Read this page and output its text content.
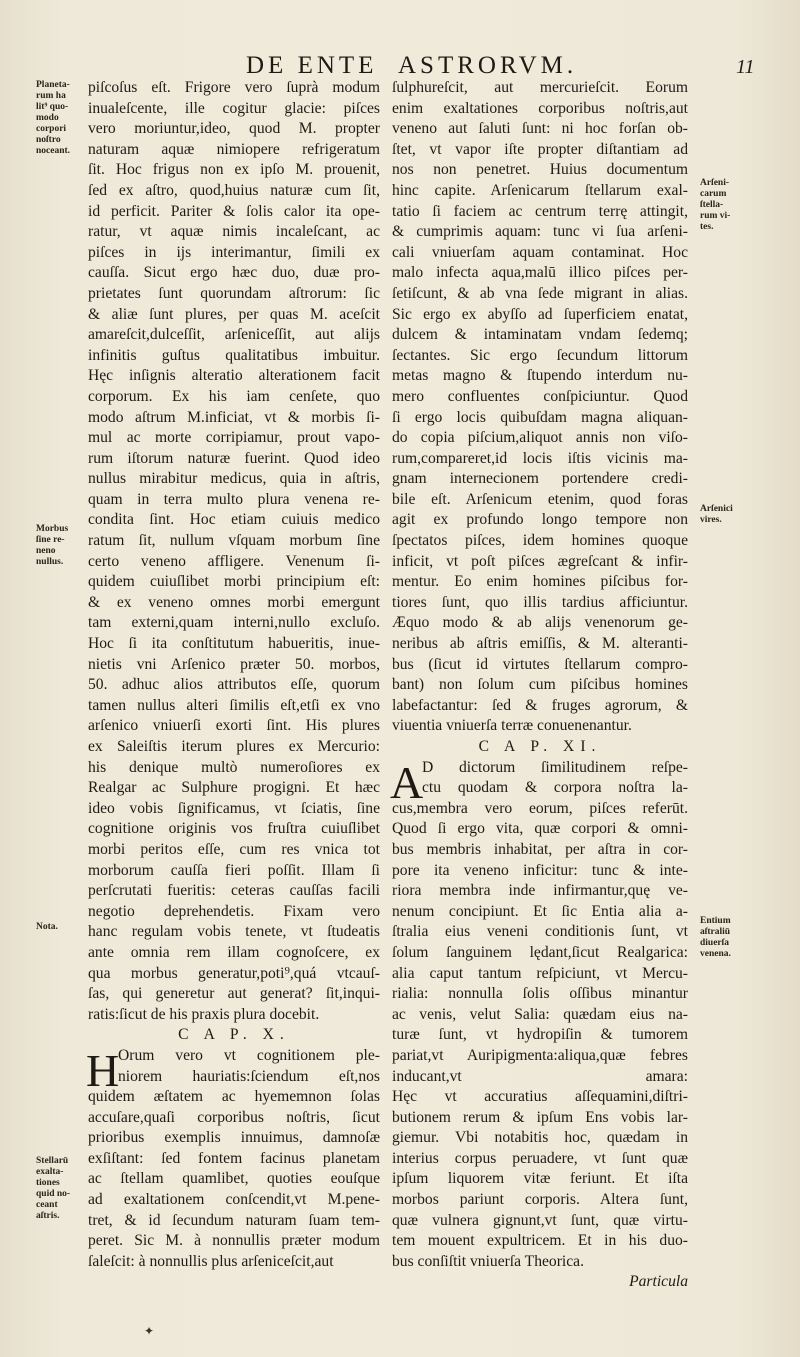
DE ENTE ASTRORVM.	11
Planeta-
rum ha
lit⁹ quo-
modo
corpori
noſtro
noceant.
Morbus
ſine re-
neno
nullus.
Nota.
Stellarū
exalta-
tiones
quid no-
ceant
aſtris.
Arſeni-
carum
ſtella-
rum vi-
tes.
Arſenici
vires.
Entium
aſtraliū
diuerſa
venena.
piſcoſus eſt. Frigore vero ſuprà modum
inualeſcente, ille cogitur glacie: piſces
vero moriuntur,ideo, quod M. propter
naturam aquæ nimiopere refrigeratum
ſit. Hoc frigus non ex ipſo M. prouenit,
ſed ex aſtro, quod,huius naturæ cum ſit,
id perficit. Pariter & ſolis calor ita ope-
ratur, vt aquæ nimis incaleſcant, ac
piſces in ijs interimantur, ſimili ex
cauſſa. Sicut ergo hæc duo, duæ pro-
prietates ſunt quorundam aſtrorum: ſic
& aliæ ſunt plures, per quas M. aceſcit
amareſcit,dulceſſit, arſeniceſſit, aut alijs
infinitis guſtus qualitatibus imbuitur.
Hęc inſignis alteratio alterationem facit
corporum. Ex his iam cenſete, quo
modo aſtrum M.inficiat, vt & morbis ſi-
mul ac morte corripiamur, prout vapo-
rum iſtorum naturæ fuerint. Quod ideo
nullus mirabitur medicus, quia in aſtris,
quam in terra multo plura venena re-
condita ſint. Hoc etiam cuiuis medico
ratum ſit, nullum vſquam morbum ſine
certo veneno affligere. Venenum ſi-
quidem cuiuſlibet morbi principium eſt:
& ex veneno omnes morbi emergunt
tam externi,quam interni,nullo excluſo.
Hoc ſi ita conſtitutum habueritis, inue-
nietis vni Arſenico præter 50. morbos,
50. adhuc alios attributos eſſe, quorum
tamen nullus alteri ſimilis eſt,etſi ex vno
arſenico vniuerſi exorti ſint. His plures
ex Saleiſtis iterum plures ex Mercurio:
his denique multò numeroſiores ex
Realgar ac Sulphure progigni. Et hæc
ideo vobis ſignificamus, vt ſciatis, ſine
cognitione originis vos fruſtra cuiuſlibet
morbi peritos eſſe, cum res vnica tot
morborum cauſſa fieri poſſit. Illam ſi
perſcrutati fueritis: ceteras cauſſas facili
negotio deprehendetis. Fixam vero
hanc regulam vobis tenete, vt ſtudeatis
ante omnia rem illam cognoſcere, ex
qua morbus generatur,poti⁹,quá vtcauſ-
ſas, qui generetur aut generat? ſit,inqui-
ratis:ſicut de his praxis plura docebit.
C A P. X.
H
Orum vero vt cognitionem ple-
niorem hauriatis:ſciendum eſt,nos
quidem æſtatem ac hyememnon ſolas
accuſare,quaſi corporibus noſtris, ſicut
prioribus exemplis innuimus, damnoſæ
exſiſtant: ſed fontem facinus planetam
ac ſtellam quamlibet, quoties eouſque
ad exaltationem conſcendit,vt M.pene-
tret, & id ſecundum naturam ſuam tem-
peret. Sic M. à nonnullis præter modum
ſaleſcit: à nonnullis plus arſeniceſcit,aut
ſulphureſcit, aut mercurieſcit. Eorum
enim exaltationes corporibus noſtris,aut
veneno aut ſaluti ſunt: ni hoc forſan ob-
ſtet, vt vapor iſte propter diſtantiam ad
nos non penetret. Huius documentum
hinc capite. Arſenicarum ſtellarum exal-
tatio ſi faciem ac centrum terrę attingit,
& cumprimis aquam: tunc vi ſua arſeni-
cali vniuerſam aquam contaminat. Hoc
malo infecta aqua,malū illico piſces per-
ſetiſcunt, & ab vna ſede migrant in alias.
Sic ergo ex abyſſo ad ſuperficiem enatat,
dulcem & intaminatam vndam ſedemq;
ſectantes. Sic ergo ſecundum littorum
metas magno & ſtupendo interdum nu-
mero confluentes conſpiciuntur. Quod
ſi ergo locis quibuſdam magna aliquan-
do copia piſcium,aliquot annis non viſo-
rum,compareret,id locis iſtis vicinis ma-
gnam internecionem portendere credi-
bile eſt. Arſenicum etenim, quod foras
agit ex profundo longo tempore non
ſpectatos piſces, idem homines quoque
inficit, vt poſt piſces ægreſcant & infir-
mentur. Eo enim homines piſcibus for-
tiores ſunt, quo illis tardius afficiuntur.
Æquo modo & ab alijs venenorum ge-
neribus ab aſtris emiſſis, & M. alteranti-
bus (ſicut id virtutes ſtellarum compro-
bant) non ſolum cum piſcibus homines
labefactantur: ſed & fruges agrorum, &
viuentia vniuerſa terræ conuenenantur.
C A P. XI.
A
D dictorum ſimilitudinem reſpe-
ctu quodam & corpora noſtra la-
cus,membra vero eorum, piſces referūt.
Quod ſi ergo vita, quæ corpori & omni-
bus membris inhabitat, per aſtra in cor-
pore ita veneno inficitur: tunc & inte-
riora membra inde infirmantur,quę ve-
nenum concipiunt. Et ſic Entia alia a-
ſtralia eius veneni conditionis ſunt, vt
ſolum ſanguinem lędant,ſicut Realgarica:
alia caput tantum reſpiciunt, vt Mercu-
rialia: nonnulla ſolis oſſibus minantur
ac venis, velut Salia: quædam eius na-
turæ ſunt, vt hydropiſin & tumorem
pariat,vt Auripigmenta:aliqua,quæ febres
inducant,vt amara:
Hęc vt accuratius aſſequamini,diſtri-
butionem rerum & ipſum Ens vobis lar-
giemur. Vbi notabitis hoc, quædam in
interius corpus peruadere, vt ſunt quæ
ipſum liquorem vitæ feriunt. Et iſta
morbos pariunt corporis. Altera ſunt,
quæ vulnera gignunt,vt ſunt, quæ virtu-
tem mouent expultricem. Et in his duo-
bus conſiſtit vniuerſa Theorica.
Particula
✦
